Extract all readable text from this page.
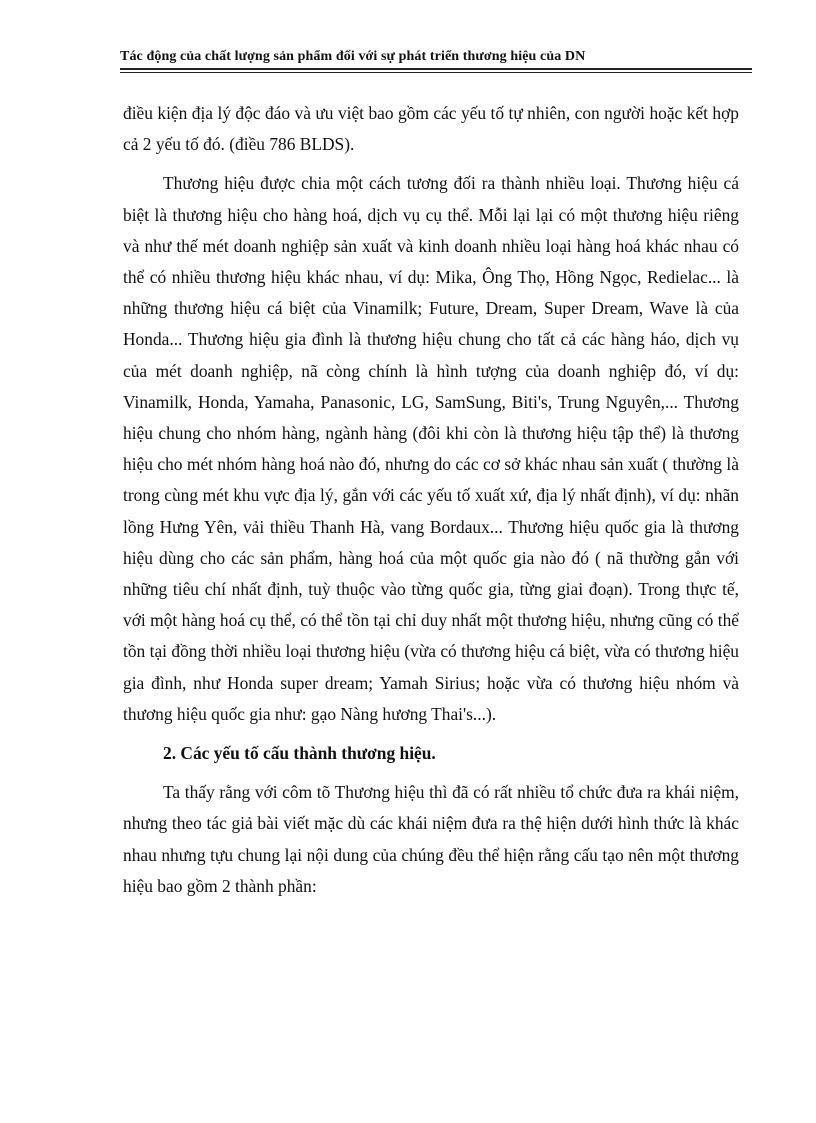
Tác động của chất lượng sản phẩm đối với sự phát triển thương hiệu của DN

điều kiện địa lý độc đáo và ưu việt bao gồm các yếu tố tự nhiên, con người hoặc kết hợp cả 2 yếu tố đó. (điều 786 BLDS).

Thương hiệu được chia một cách tương đối ra thành nhiều loại. Thương hiệu cá biệt là thương hiệu cho hàng hoá, dịch vụ cụ thể. Mỗi lại lại có một thương hiệu riêng và như thế mét doanh nghiệp sản xuất và kinh doanh nhiều loại hàng hoá khác nhau có thể có nhiều thương hiệu khác nhau, ví dụ: Mika, Ông Thọ, Hồng Ngọc, Redielac... là những thương hiệu cá biệt của Vinamilk; Future, Dream, Super Dream, Wave là của Honda... Thương hiệu gia đình là thương hiệu chung cho tất cả các hàng háo, dịch vụ của mét doanh nghiệp, nã còng chính là hình tượng của doanh nghiệp đó, ví dụ: Vinamilk, Honda, Yamaha, Panasonic, LG, SamSung, Biti's, Trung Nguyên,... Thương hiệu chung cho nhóm hàng, ngành hàng (đôi khi còn là thương hiệu tập thể) là thương hiệu cho mét nhóm hàng hoá nào đó, nhưng do các cơ sở khác nhau sản xuất ( thường là trong cùng mét khu vực địa lý, gắn với các yếu tố xuất xứ, địa lý nhất định), ví dụ: nhãn lồng Hưng Yên, vải thiều Thanh Hà, vang Bordaux... Thương hiệu quốc gia là thương hiệu dùng cho các sản phẩm, hàng hoá của một quốc gia nào đó ( nã thường gắn với những tiêu chí nhất định, tuỳ thuộc vào từng quốc gia, từng giai đoạn). Trong thực tế, với một hàng hoá cụ thể, có thể tồn tại chỉ duy nhất một thương hiệu, nhưng cũng có thể tồn tại đồng thời nhiều loại thương hiệu (vừa có thương hiệu cá biệt, vừa có thương hiệu gia đình, như Honda super dream; Yamah Sirius; hoặc vừa có thương hiệu nhóm và thương hiệu quốc gia như: gạo Nàng hương Thai's...).

2. Các yếu tố cấu thành thương hiệu.

Ta thấy rằng với côm tõ Thương hiệu thì đã có rất nhiều tổ chức đưa ra khái niệm, nhưng theo tác giả bài viết mặc dù các khái niệm đưa ra thệ hiện dưới hình thức là khác nhau nhưng tựu chung lại nội dung của chúng đều thể hiện rằng cấu tạo nên một thương hiệu bao gồm 2 thành phần:
